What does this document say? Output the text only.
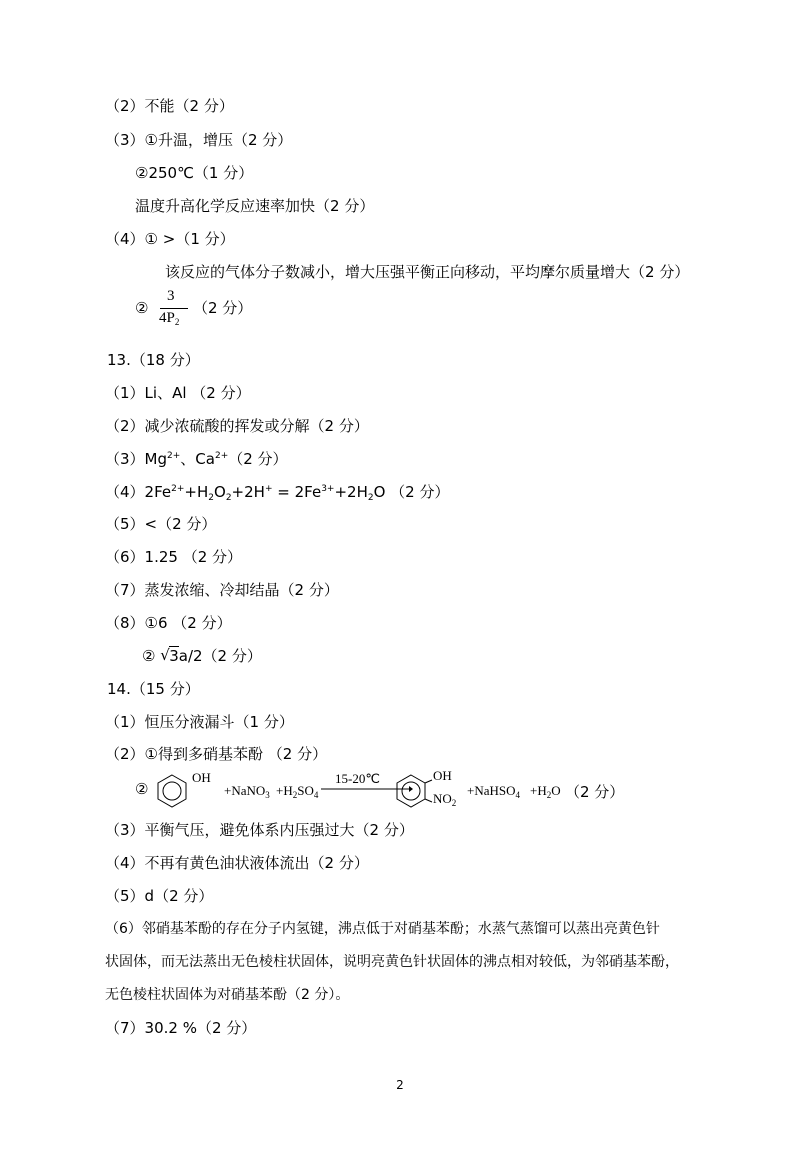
（2）不能（2 分）
（3）①升温，增压（2 分）
②250℃（1 分）
温度升高化学反应速率加快（2 分）
（4）① >（1 分）
该反应的气体分子数减小，增大压强平衡正向移动，平均摩尔质量增大（2 分）
②
3
$4P_2$
（2 分）
13.（18 分）
（1）Li、Al （2 分）
（2）减少浓硫酸的挥发或分解（2 分）
$(3)Mg^{2+}$、$Ca^{2+}(2$ 分）
$(4)2Fe^{2+}+H_2O_2+2H^+ = 2Fe^{3+}+2H_2O$ （2 分）
（5）<（2 分）
（6）1.25 （2 分）
（7）蒸发浓缩、冷却结晶（2 分）
（8）①6 （2 分）
② √ 3a/2（2 分）
14.（15 分）
（1）恒压分液漏斗（1 分）
（2）①得到多硝基苯酚 （2 分）
②
OH
+NaNO$_3$ $+H_2SO_4$
15-20℃	OH
$NO_2$
+NaHSO$_4$ $+H_2O$ （2 分）
（3）平衡气压，避免体系内压强过大（2 分）
（4）不再有黄色油状液体流出（2 分）
（5）d（2 分）
（6）邻硝基苯酚的存在分子内氢键，沸点低于对硝基苯酚；水蒸气蒸馏可以蒸出亮黄色针
状固体，而无法蒸出无色棱柱状固体，说明亮黄色针状固体的沸点相对较低，为邻硝基苯酚，
无色棱柱状固体为对硝基苯酚（2 分）。
（7）30.2 %（2 分）
2
